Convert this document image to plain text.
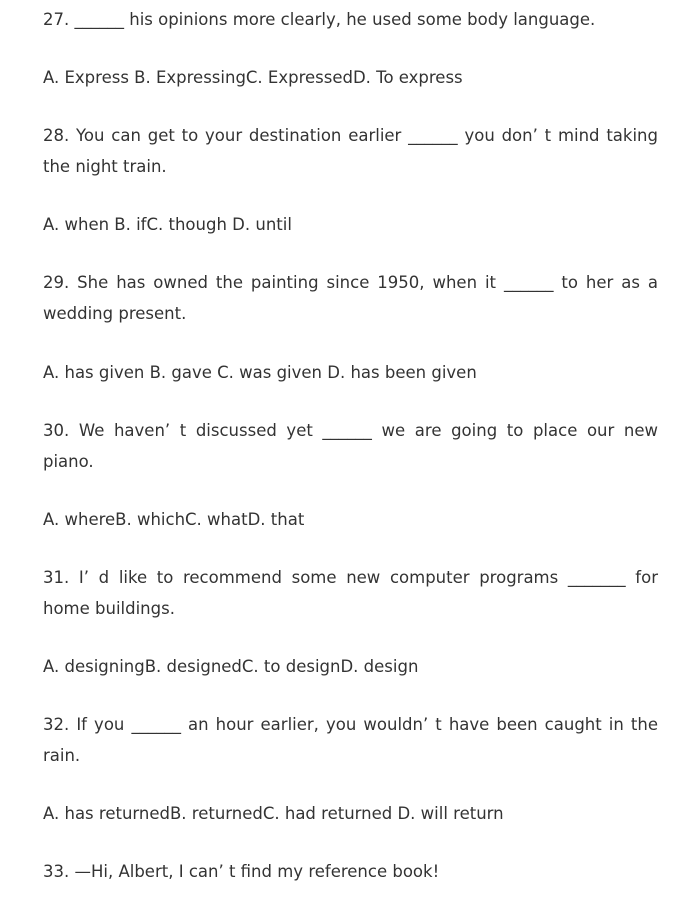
27. ______ his opinions more clearly, he used some body language.
A. Express B. ExpressingC. ExpressedD. To express
28. You can get to your destination earlier ______ you don’ t mind taking
the night train.
A. when B. ifC. though D. until
29. She has owned the painting since 1950, when it ______ to her as a
wedding present.
A. has given B. gave C. was given D. has been given
30. We haven’ t discussed yet ______ we are going to place our new
piano.
A. whereB. whichC. whatD. that
31. I’ d like to recommend some new computer programs _______ for
home buildings.
A. designingB. designedC. to designD. design
32. If you ______ an hour earlier, you wouldn’ t have been caught in the
rain.
A. has returnedB. returnedC. had returned D. will return
33. —Hi, Albert, I can’ t find my reference book!
